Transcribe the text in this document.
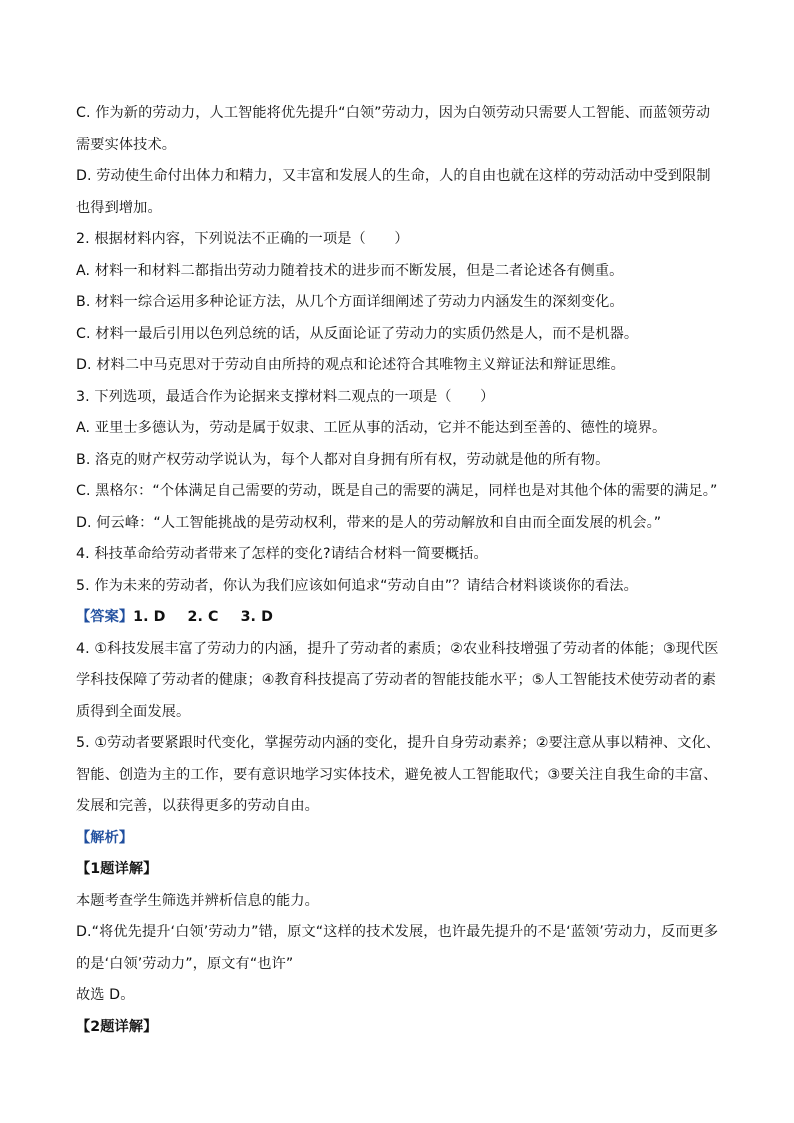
C. 作为新的劳动力，人工智能将优先提升“白领”劳动力，因为白领劳动只需要人工智能、而蓝领劳动需要实体技术。

D. 劳动使生命付出体力和精力，又丰富和发展人的生命，人的自由也就在这样的劳动活动中受到限制也得到增加。

2. 根据材料内容，下列说法不正确的一项是（　　）

A. 材料一和材料二都指出劳动力随着技术的进步而不断发展，但是二者论述各有侧重。

B. 材料一综合运用多种论证方法，从几个方面详细阐述了劳动力内涵发生的深刻变化。

C. 材料一最后引用以色列总统的话，从反面论证了劳动力的实质仍然是人，而不是机器。

D. 材料二中马克思对于劳动自由所持的观点和论述符合其唯物主义辩证法和辩证思维。

3. 下列选项，最适合作为论据来支撑材料二观点的一项是（　　）

A. 亚里士多德认为，劳动是属于奴隶、工匠从事的活动，它并不能达到至善的、德性的境界。

B. 洛克的财产权劳动学说认为，每个人都对自身拥有所有权，劳动就是他的所有物。

C. 黑格尔：“个体满足自己需要的劳动，既是自己的需要的满足，同样也是对其他个体的需要的满足。”

D. 何云峰：“人工智能挑战的是劳动权利，带来的是人的劳动解放和自由而全面发展的机会。”

4. 科技革命给劳动者带来了怎样的变化?请结合材料一简要概括。

5. 作为未来的劳动者，你认为我们应该如何追求“劳动自由”？请结合材料谈谈你的看法。

【答案】1. D 2. C 3. D

4. ①科技发展丰富了劳动力的内涵，提升了劳动者的素质；②农业科技增强了劳动者的体能；③现代医学科技保障了劳动者的健康；④教育科技提高了劳动者的智能技能水平；⑤人工智能技术使劳动者的素质得到全面发展。

5. ①劳动者要紧跟时代变化，掌握劳动内涵的变化，提升自身劳动素养；②要注意从事以精神、文化、智能、创造为主的工作，要有意识地学习实体技术，避免被人工智能取代；③要关注自我生命的丰富、发展和完善，以获得更多的劳动自由。

【解析】

【1题详解】

本题考查学生筛选并辨析信息的能力。

D.“将优先提升‘白领’劳动力”错，原文“这样的技术发展，也许最先提升的不是‘蓝领’劳动力，反而更多的是‘白领’劳动力”，原文有“也许”

故选 D。

【2题详解】
